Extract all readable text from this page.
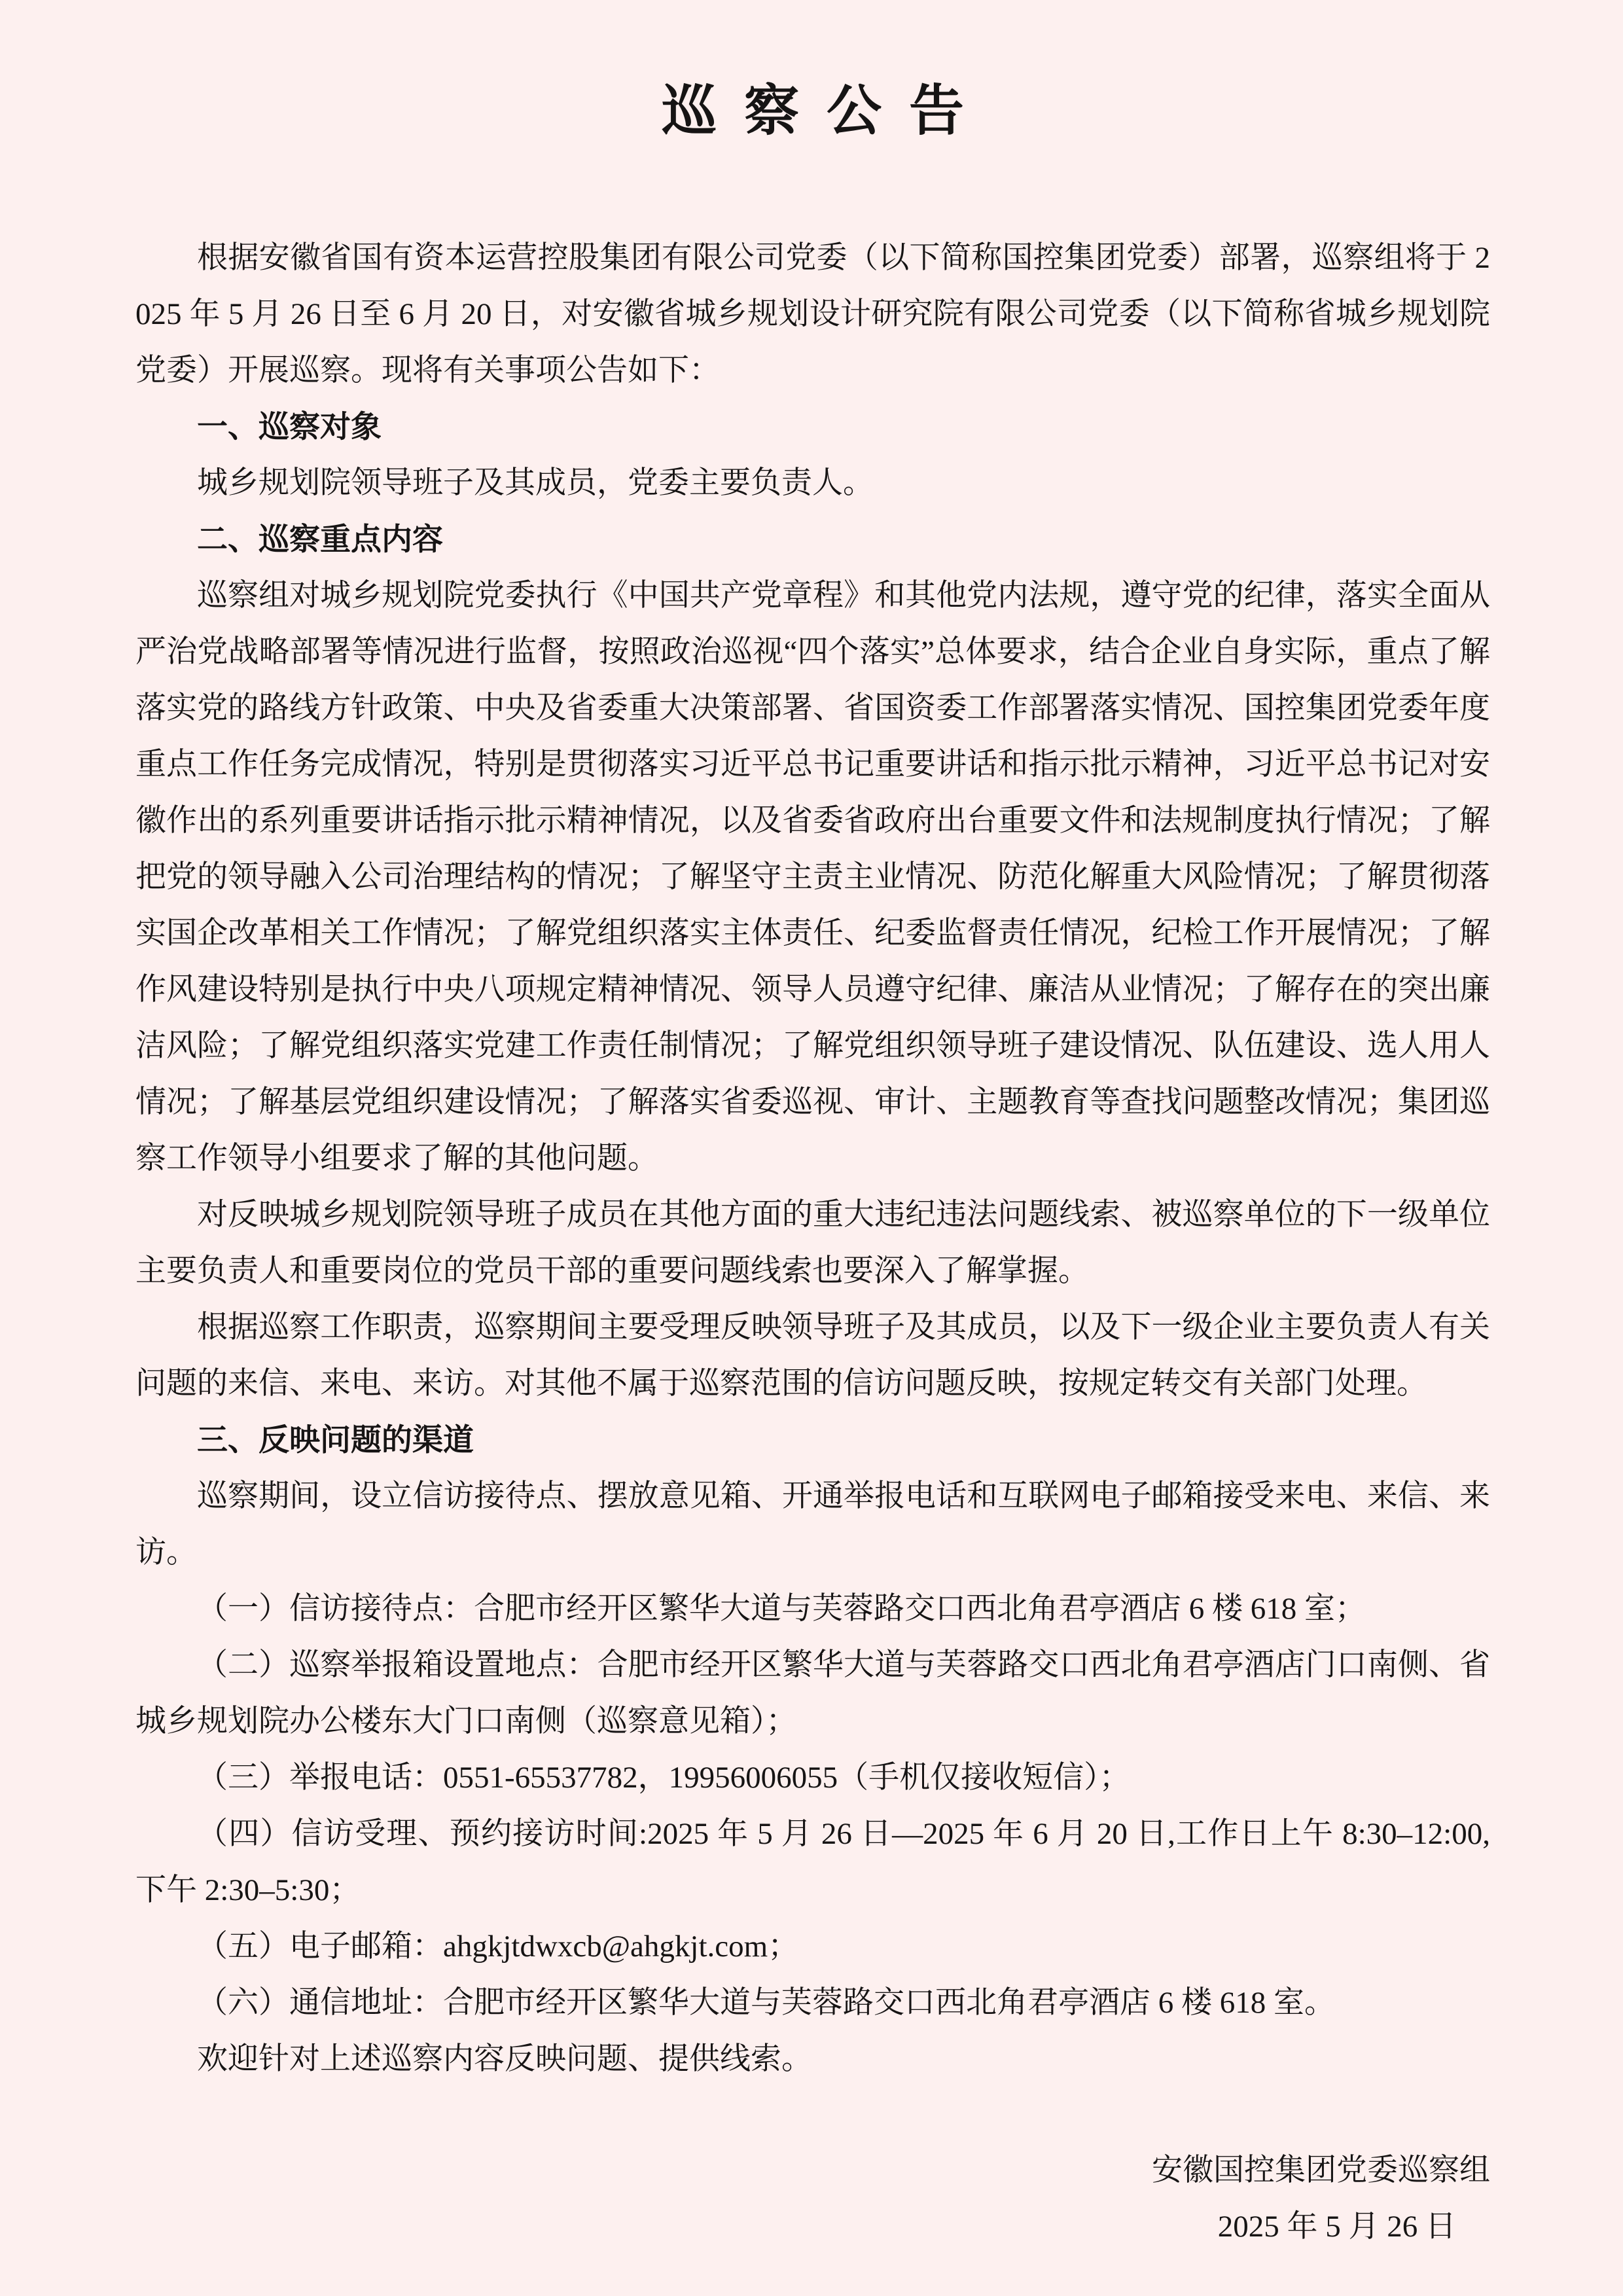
巡察公告

根据安徽省国有资本运营控股集团有限公司党委（以下简称国控集团党委）部署，巡察组将于 2025 年 5 月 26 日至 6 月 20 日，对安徽省城乡规划设计研究院有限公司党委（以下简称省城乡规划院党委）开展巡察。现将有关事项公告如下：

一、巡察对象

城乡规划院领导班子及其成员，党委主要负责人。

二、巡察重点内容

巡察组对城乡规划院党委执行《中国共产党章程》和其他党内法规，遵守党的纪律，落实全面从严治党战略部署等情况进行监督，按照政治巡视“四个落实”总体要求，结合企业自身实际，重点了解落实党的路线方针政策、中央及省委重大决策部署、省国资委工作部署落实情况、国控集团党委年度重点工作任务完成情况，特别是贯彻落实习近平总书记重要讲话和指示批示精神，习近平总书记对安徽作出的系列重要讲话指示批示精神情况，以及省委省政府出台重要文件和法规制度执行情况；了解把党的领导融入公司治理结构的情况；了解坚守主责主业情况、防范化解重大风险情况；了解贯彻落实国企改革相关工作情况；了解党组织落实主体责任、纪委监督责任情况，纪检工作开展情况；了解作风建设特别是执行中央八项规定精神情况、领导人员遵守纪律、廉洁从业情况；了解存在的突出廉洁风险；了解党组织落实党建工作责任制情况；了解党组织领导班子建设情况、队伍建设、选人用人情况；了解基层党组织建设情况；了解落实省委巡视、审计、主题教育等查找问题整改情况；集团巡察工作领导小组要求了解的其他问题。

对反映城乡规划院领导班子成员在其他方面的重大违纪违法问题线索、被巡察单位的下一级单位主要负责人和重要岗位的党员干部的重要问题线索也要深入了解掌握。

根据巡察工作职责，巡察期间主要受理反映领导班子及其成员，以及下一级企业主要负责人有关问题的来信、来电、来访。对其他不属于巡察范围的信访问题反映，按规定转交有关部门处理。

三、反映问题的渠道

巡察期间，设立信访接待点、摆放意见箱、开通举报电话和互联网电子邮箱接受来电、来信、来访。

（一）信访接待点：合肥市经开区繁华大道与芙蓉路交口西北角君亭酒店 6 楼 618 室；

（二）巡察举报箱设置地点：合肥市经开区繁华大道与芙蓉路交口西北角君亭酒店门口南侧、省城乡规划院办公楼东大门口南侧（巡察意见箱）；

（三）举报电话：0551-65537782，19956006055（手机仅接收短信）；

（四）信访受理、预约接访时间:2025 年 5 月 26 日—2025 年 6 月 20 日,工作日上午 8:30–12:00,下午 2:30–5:30；

（五）电子邮箱：ahgkjtdwxcb@ahgkjt.com；

（六）通信地址：合肥市经开区繁华大道与芙蓉路交口西北角君亭酒店 6 楼 618 室。

欢迎针对上述巡察内容反映问题、提供线索。

安徽国控集团党委巡察组
2025 年 5 月 26 日
